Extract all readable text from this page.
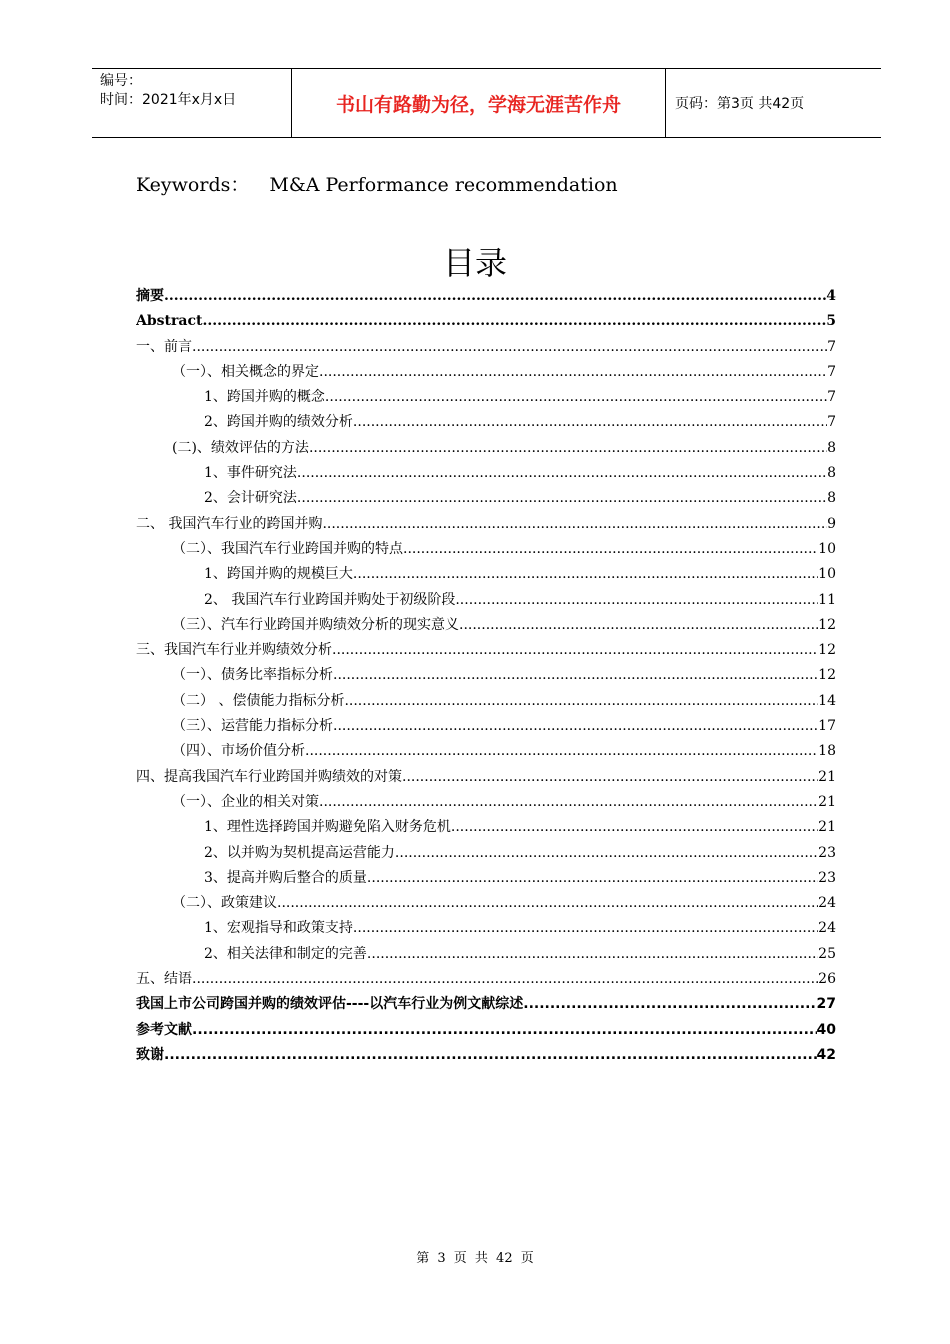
编号：
时间：2021年x月x日	书山有路勤为径，学海无涯苦作舟	页码：第3页 共42页
Keywords： M&A Performance recommendation
目录
摘要 .....	4
Abstract .....	5
一、前言 .....	7
（一）、相关概念的界定 .....	7
1、跨国并购的概念 .....	7
2、跨国并购的绩效分析 .....	7
(二)、绩效评估的方法 .....	8
1、事件研究法 .....	8
2、会计研究法 .....	8
二、 我国汽车行业的跨国并购 .....	9
（二）、我国汽车行业跨国并购的特点 .....	10
1、跨国并购的规模巨大 .....	10
2、 我国汽车行业跨国并购处于初级阶段 .....	11
（三）、汽车行业跨国并购绩效分析的现实意义 .....	12
三、我国汽车行业并购绩效分析 .....	12
（一）、债务比率指标分析 .....	12
（二） 、偿债能力指标分析 .....	14
（三）、运营能力指标分析 .....	17
（四）、市场价值分析 .....	18
四、提高我国汽车行业跨国并购绩效的对策 .....	21
（一）、企业的相关对策 .....	21
1、理性选择跨国并购避免陷入财务危机 .....	21
2、以并购为契机提高运营能力 .....	23
3、提高并购后整合的质量 .....	23
（二）、政策建议 .....	24
1、宏观指导和政策支持 .....	24
2、相关法律和制定的完善 .....	25
五、结语 .....	26
我国上市公司跨国并购的绩效评估----以汽车行业为例文献综述 .....	27
参考文献 .....	40
致谢 .....	42
第 3 页 共 42 页
